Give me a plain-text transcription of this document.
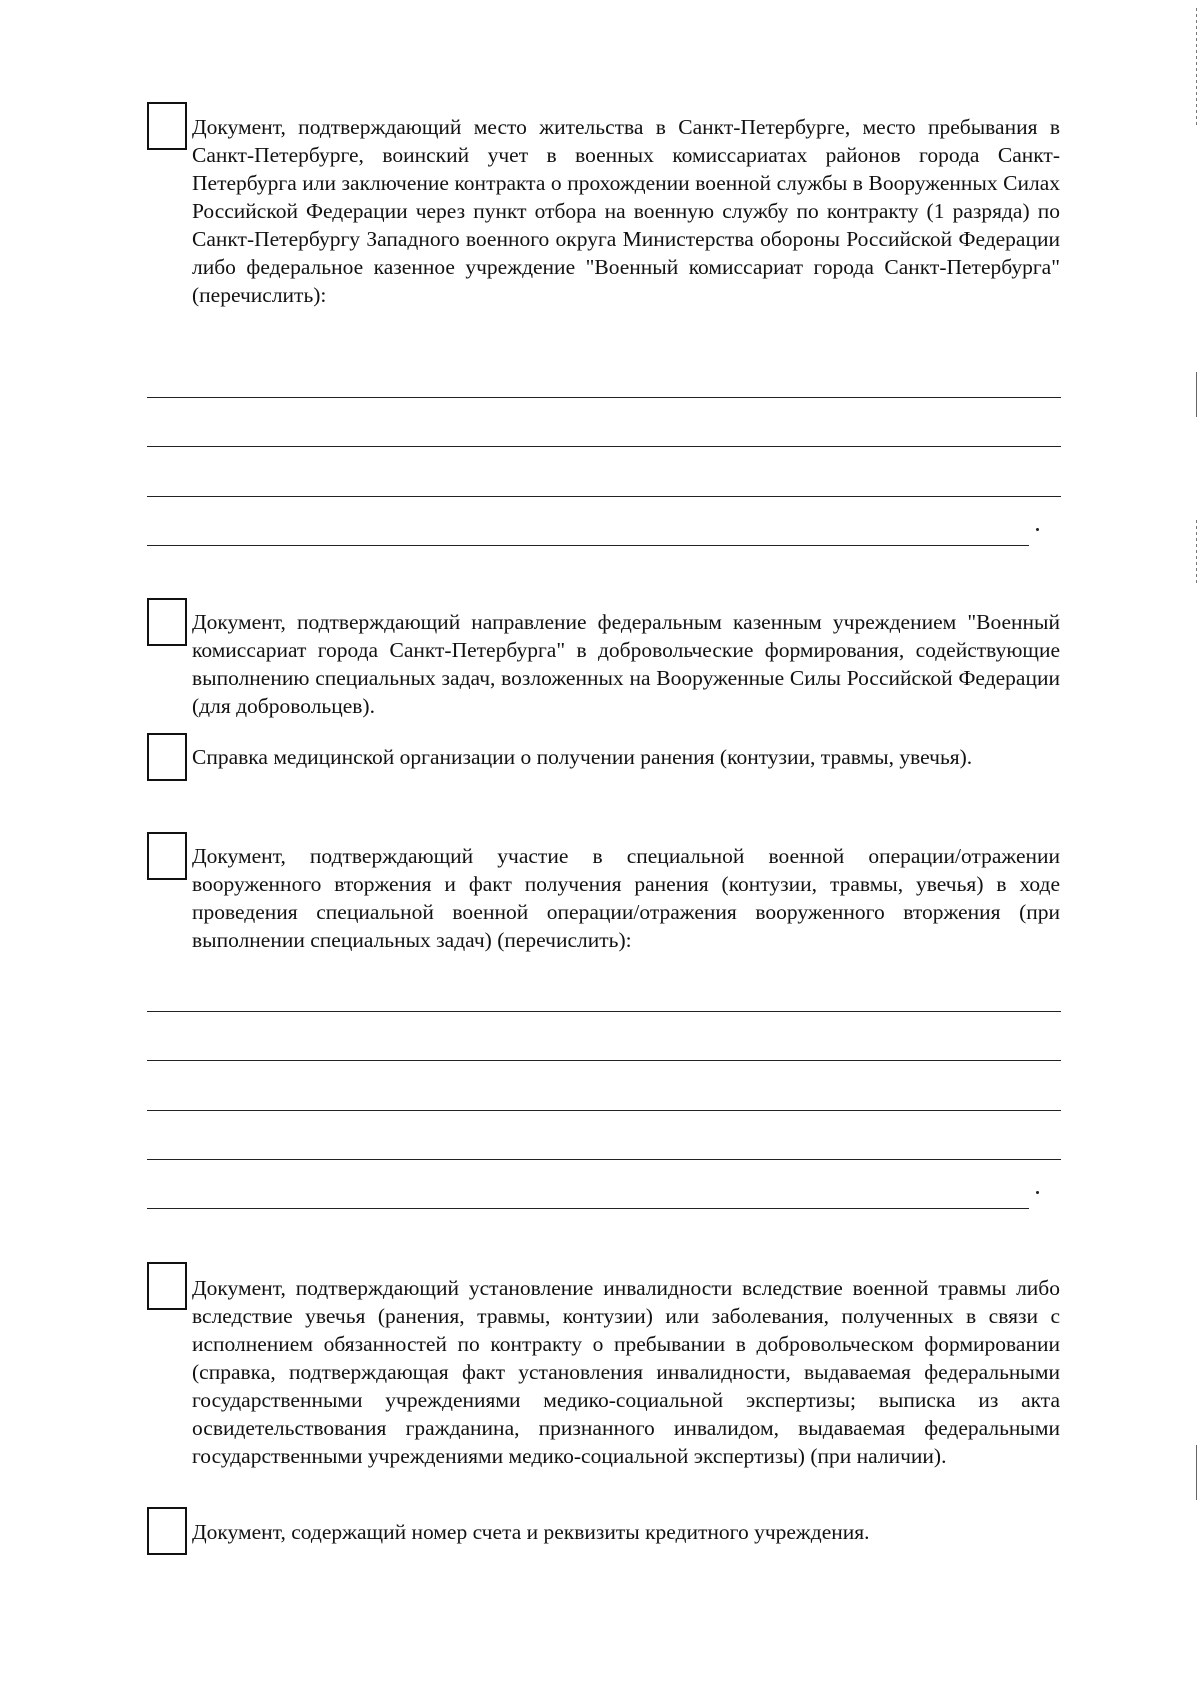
Документ, подтверждающий место жительства в Санкт-Петербурге, место пребывания в Санкт-Петербурге, воинский учет в военных комиссариатах районов города Санкт-Петербурга или заключение контракта о прохождении военной службы в Вооруженных Силах Российской Федерации через пункт отбора на военную службу по контракту (1 разряда) по Санкт-Петербургу Западного военного округа Министерства обороны Российской Федерации либо федеральное казенное учреждение "Военный комиссариат города Санкт-Петербурга" (перечислить):

Документ, подтверждающий направление федеральным казенным учреждением "Военный комиссариат города Санкт-Петербурга" в добровольческие формирования, содействующие выполнению специальных задач, возложенных на Вооруженные Силы Российской Федерации (для добровольцев).

Справка медицинской организации о получении ранения (контузии, травмы, увечья).

Документ, подтверждающий участие в специальной военной операции/отражении вооруженного вторжения и факт получения ранения (контузии, травмы, увечья) в ходе проведения специальной военной операции/отражения вооруженного вторжения (при выполнении специальных задач) (перечислить):

Документ, подтверждающий установление инвалидности вследствие военной травмы либо вследствие увечья (ранения, травмы, контузии) или заболевания, полученных в связи с исполнением обязанностей по контракту о пребывании в добровольческом формировании (справка, подтверждающая факт установления инвалидности, выдаваемая федеральными государственными учреждениями медико-социальной экспертизы; выписка из акта освидетельствования гражданина, признанного инвалидом, выдаваемая федеральными государственными учреждениями медико-социальной экспертизы) (при наличии).

Документ, содержащий номер счета и реквизиты кредитного учреждения.
